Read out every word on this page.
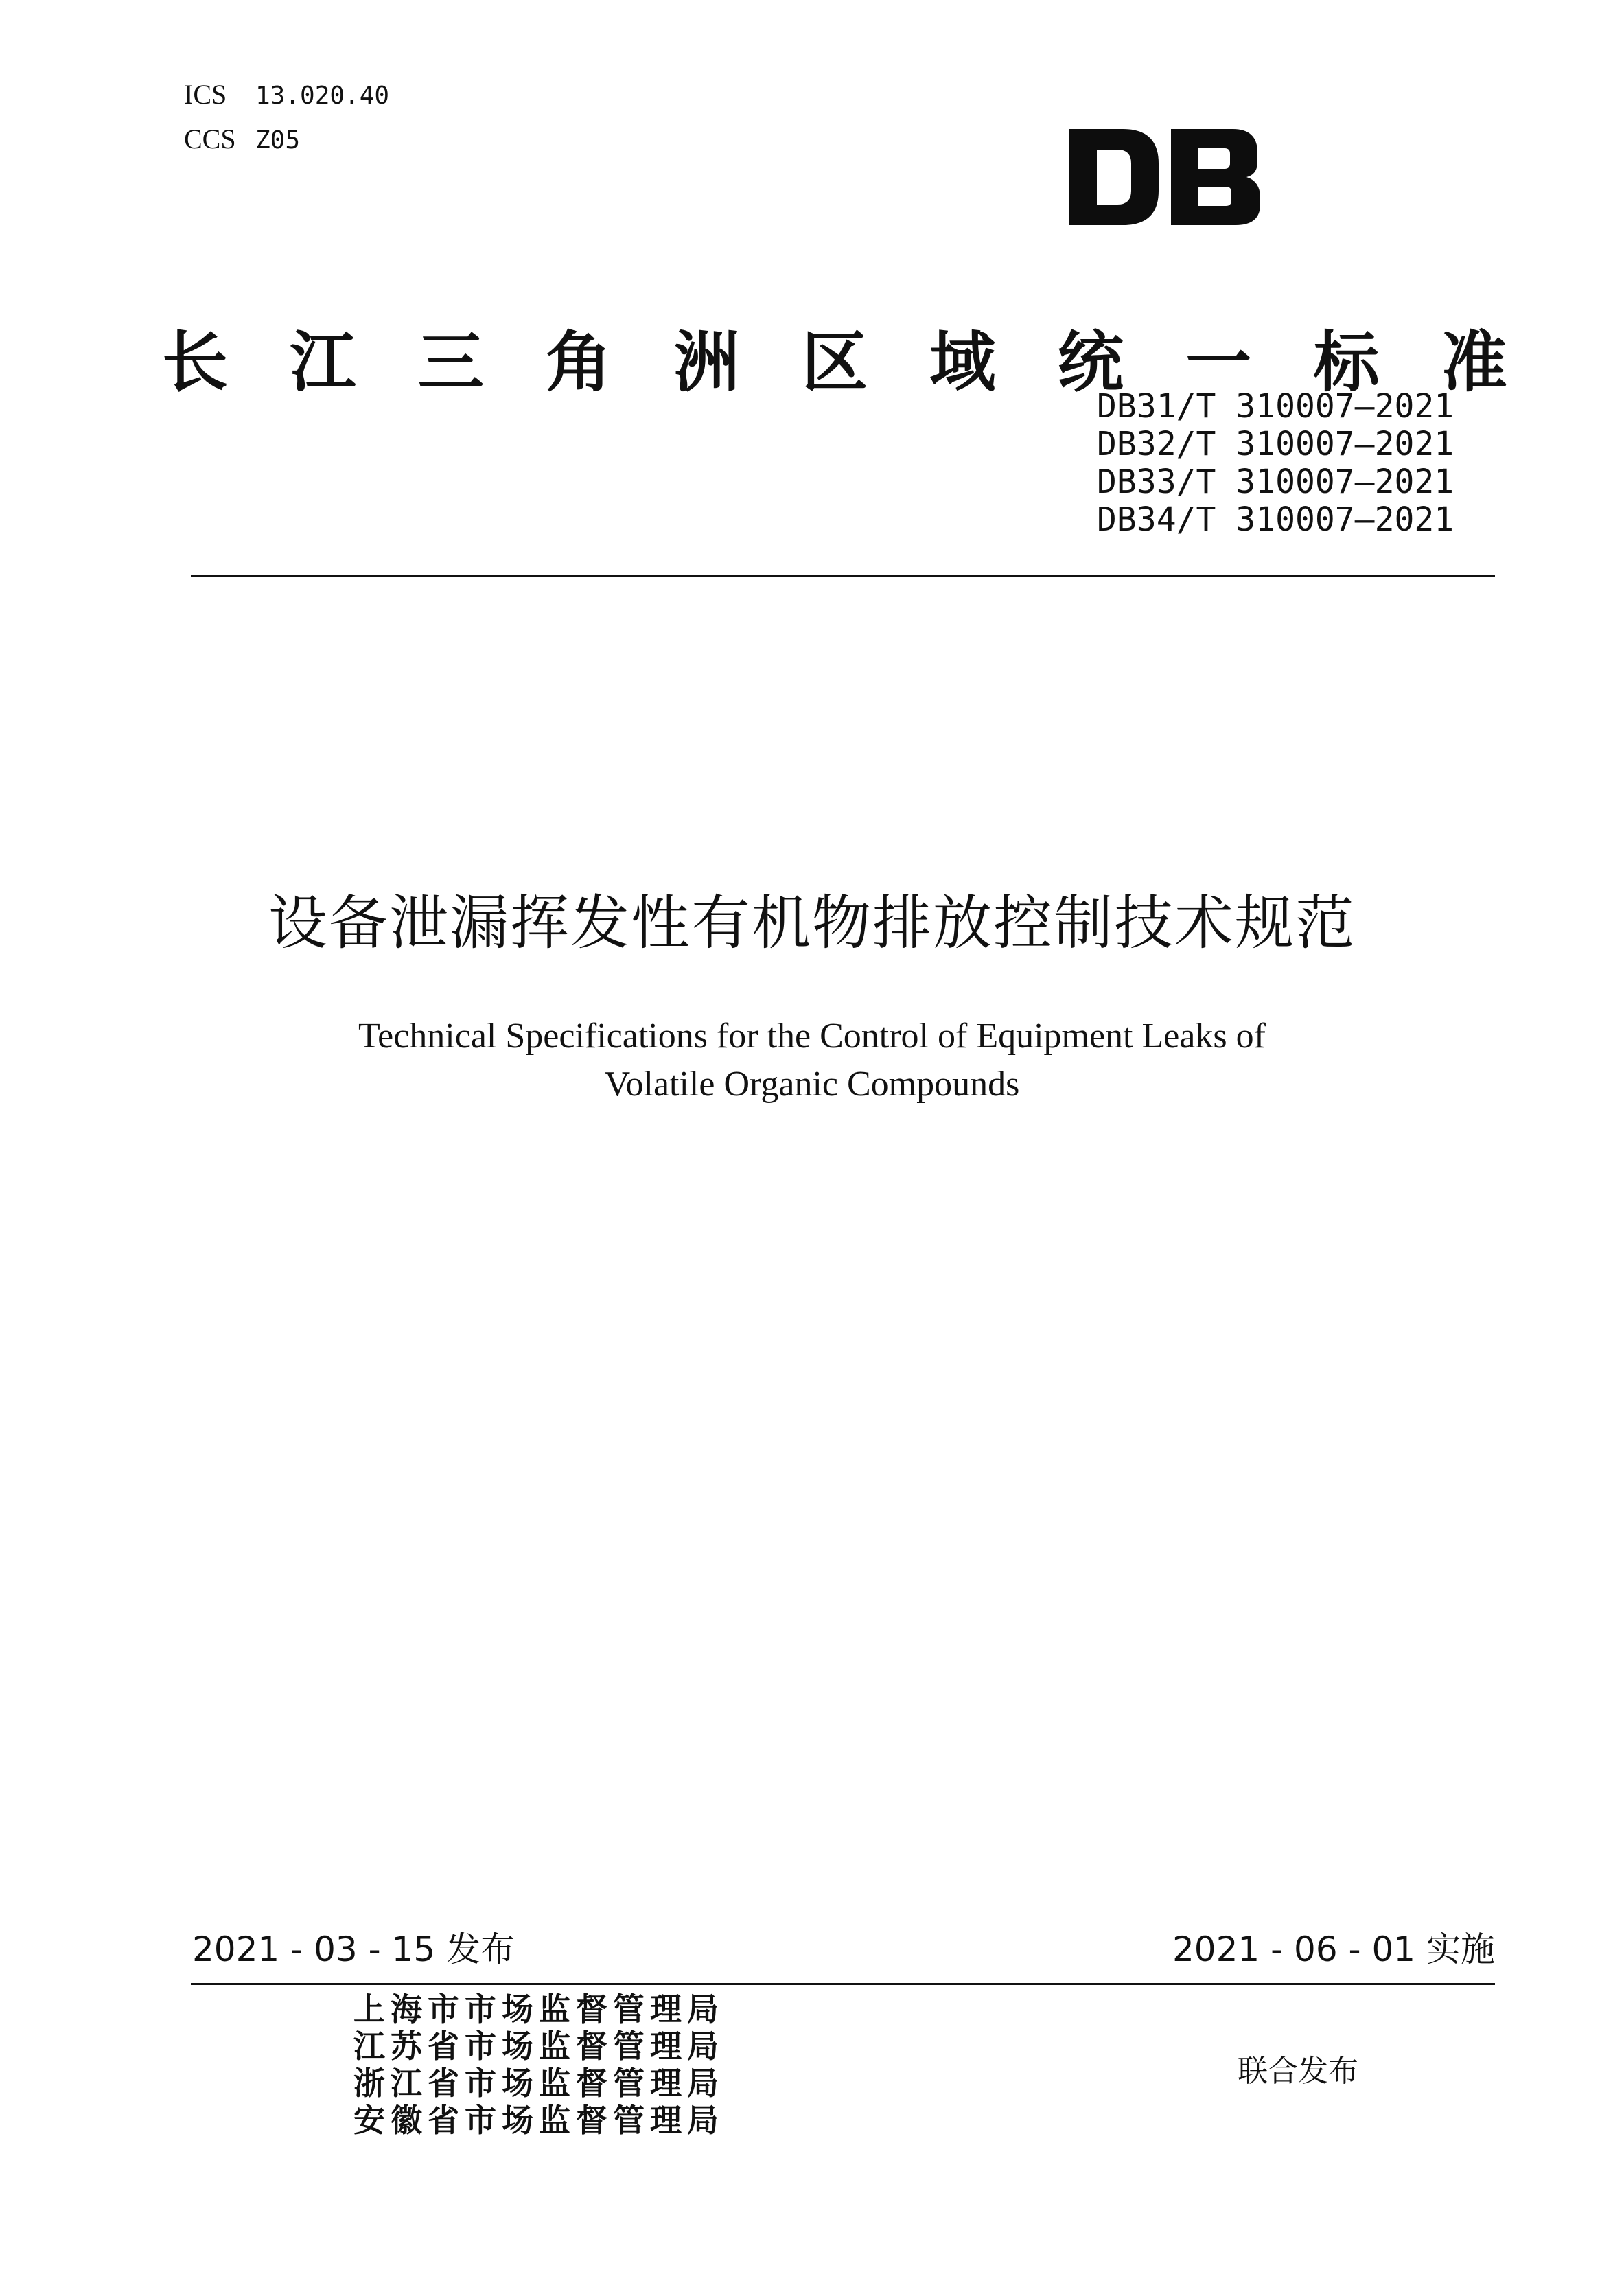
ICS 13.020.40
CCS Z05
长 江 三 角 洲 区 域 统 一 标 准
DB31/T 310007—2021
DB32/T 310007—2021
DB33/T 310007—2021
DB34/T 310007—2021
设备泄漏挥发性有机物排放控制技术规范
Technical Specifications for the Control of Equipment Leaks of
Volatile Organic Compounds
2021 - 03 - 15 发布	2021 - 06 - 01 实施
上海市市场监督管理局
江苏省市场监督管理局
浙江省市场监督管理局
安徽省市场监督管理局
联合发布
